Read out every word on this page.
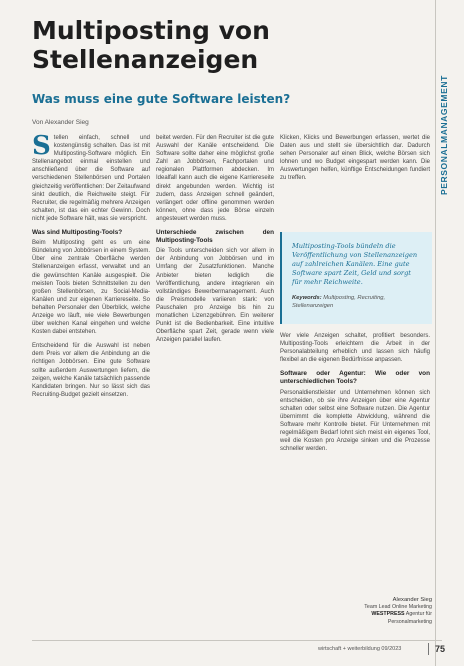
Multiposting von
Stellenanzeigen
Was muss eine gute Software leisten?
Von Alexander Sieg

Stellen einfach, schnell und kostengünstig schalten. Das ist mit Multiposting-Software möglich. Ein Stellenangebot einmal einstellen und anschließend über die Software auf verschiedenen Stellenbörsen und Portalen gleichzeitig veröffentlichen: Der Zeitaufwand sinkt deutlich, die Reichweite steigt. Für Recruiter, die regelmäßig mehrere Anzeigen schalten, ist das ein echter Gewinn. Doch nicht jede Software hält, was sie verspricht.

Was sind Multiposting-Tools?

Beim Multiposting geht es um eine Bündelung von Jobbörsen in einem System. Über eine zentrale Oberfläche werden Stellenanzeigen erfasst, verwaltet und an die gewünschten Kanäle ausgespielt. Die meisten Tools bieten Schnittstellen zu den großen Stellenbörsen, zu Social-Media-Kanälen und zur eigenen Karriereseite. So behalten Personaler den Überblick, welche Anzeige wo läuft, wie viele Bewerbungen über welchen Kanal eingehen und welche Kosten dabei entstehen.

Entscheidend für die Auswahl ist neben dem Preis vor allem die Anbindung an die richtigen Jobbörsen. Eine gute Software sollte außerdem Auswertungen liefern, die zeigen, welche Kanäle tatsächlich passende Kandidaten bringen. Nur so lässt sich das Recruiting-Budget gezielt einsetzen.

beitet werden. Für den Recruiter ist die gute Auswahl der Kanäle entscheidend. Die Software sollte daher eine möglichst große Zahl an Jobbörsen, Fachportalen und regionalen Plattformen abdecken. Im Idealfall kann auch die eigene Karriereseite direkt angebunden werden. Wichtig ist zudem, dass Anzeigen schnell geändert, verlängert oder offline genommen werden können, ohne dass jede Börse einzeln angesteuert werden muss.

Unterschiede zwischen den Multiposting-Tools

Die Tools unterscheiden sich vor allem in der Anbindung von Jobbörsen und im Umfang der Zusatzfunktionen. Manche Anbieter bieten lediglich die Veröffentlichung, andere integrieren ein vollständiges Bewerbermanagement. Auch die Preismodelle variieren stark: von Pauschalen pro Anzeige bis hin zu monatlichen Lizenzgebühren. Ein weiterer Punkt ist die Bedienbarkeit. Eine intuitive Oberfläche spart Zeit, gerade wenn viele Anzeigen parallel laufen.

Klicken, Klicks und Bewerbungen erfassen, wertet die Daten aus und stellt sie übersichtlich dar. Dadurch sehen Personaler auf einen Blick, welche Börsen sich lohnen und wo Budget eingespart werden kann. Die Auswertungen helfen, künftige Entscheidungen fundiert zu treffen.

Multiposting-Tools bündeln die Veröffentlichung von Stellenanzeigen auf zahlreichen Kanälen. Eine gute Software spart Zeit, Geld und sorgt für mehr Reichweite.

Keywords: Multiposting, Recruiting, Stellenanzeigen

Wer viele Anzeigen schaltet, profitiert besonders. Multiposting-Tools erleichtern die Arbeit in der Personalabteilung erheblich und lassen sich häufig flexibel an die eigenen Bedürfnisse anpassen.

Software oder Agentur: Wie oder von unterschiedlichen Tools?

Personaldienstleister und Unternehmen können sich entscheiden, ob sie ihre Anzeigen über eine Agentur schalten oder selbst eine Software nutzen. Die Agentur übernimmt die komplette Abwicklung, während die Software mehr Kontrolle bietet. Für Unternehmen mit regelmäßigem Bedarf lohnt sich meist ein eigenes Tool, weil die Kosten pro Anzeige sinken und die Prozesse schneller werden.

Alexander Sieg
Team Lead Online Marketing
WESTPRESS Agentur für Personalmarketing
PERSONALMANAGEMENT
wirtschaft + weiterbildung 09/2023	75
